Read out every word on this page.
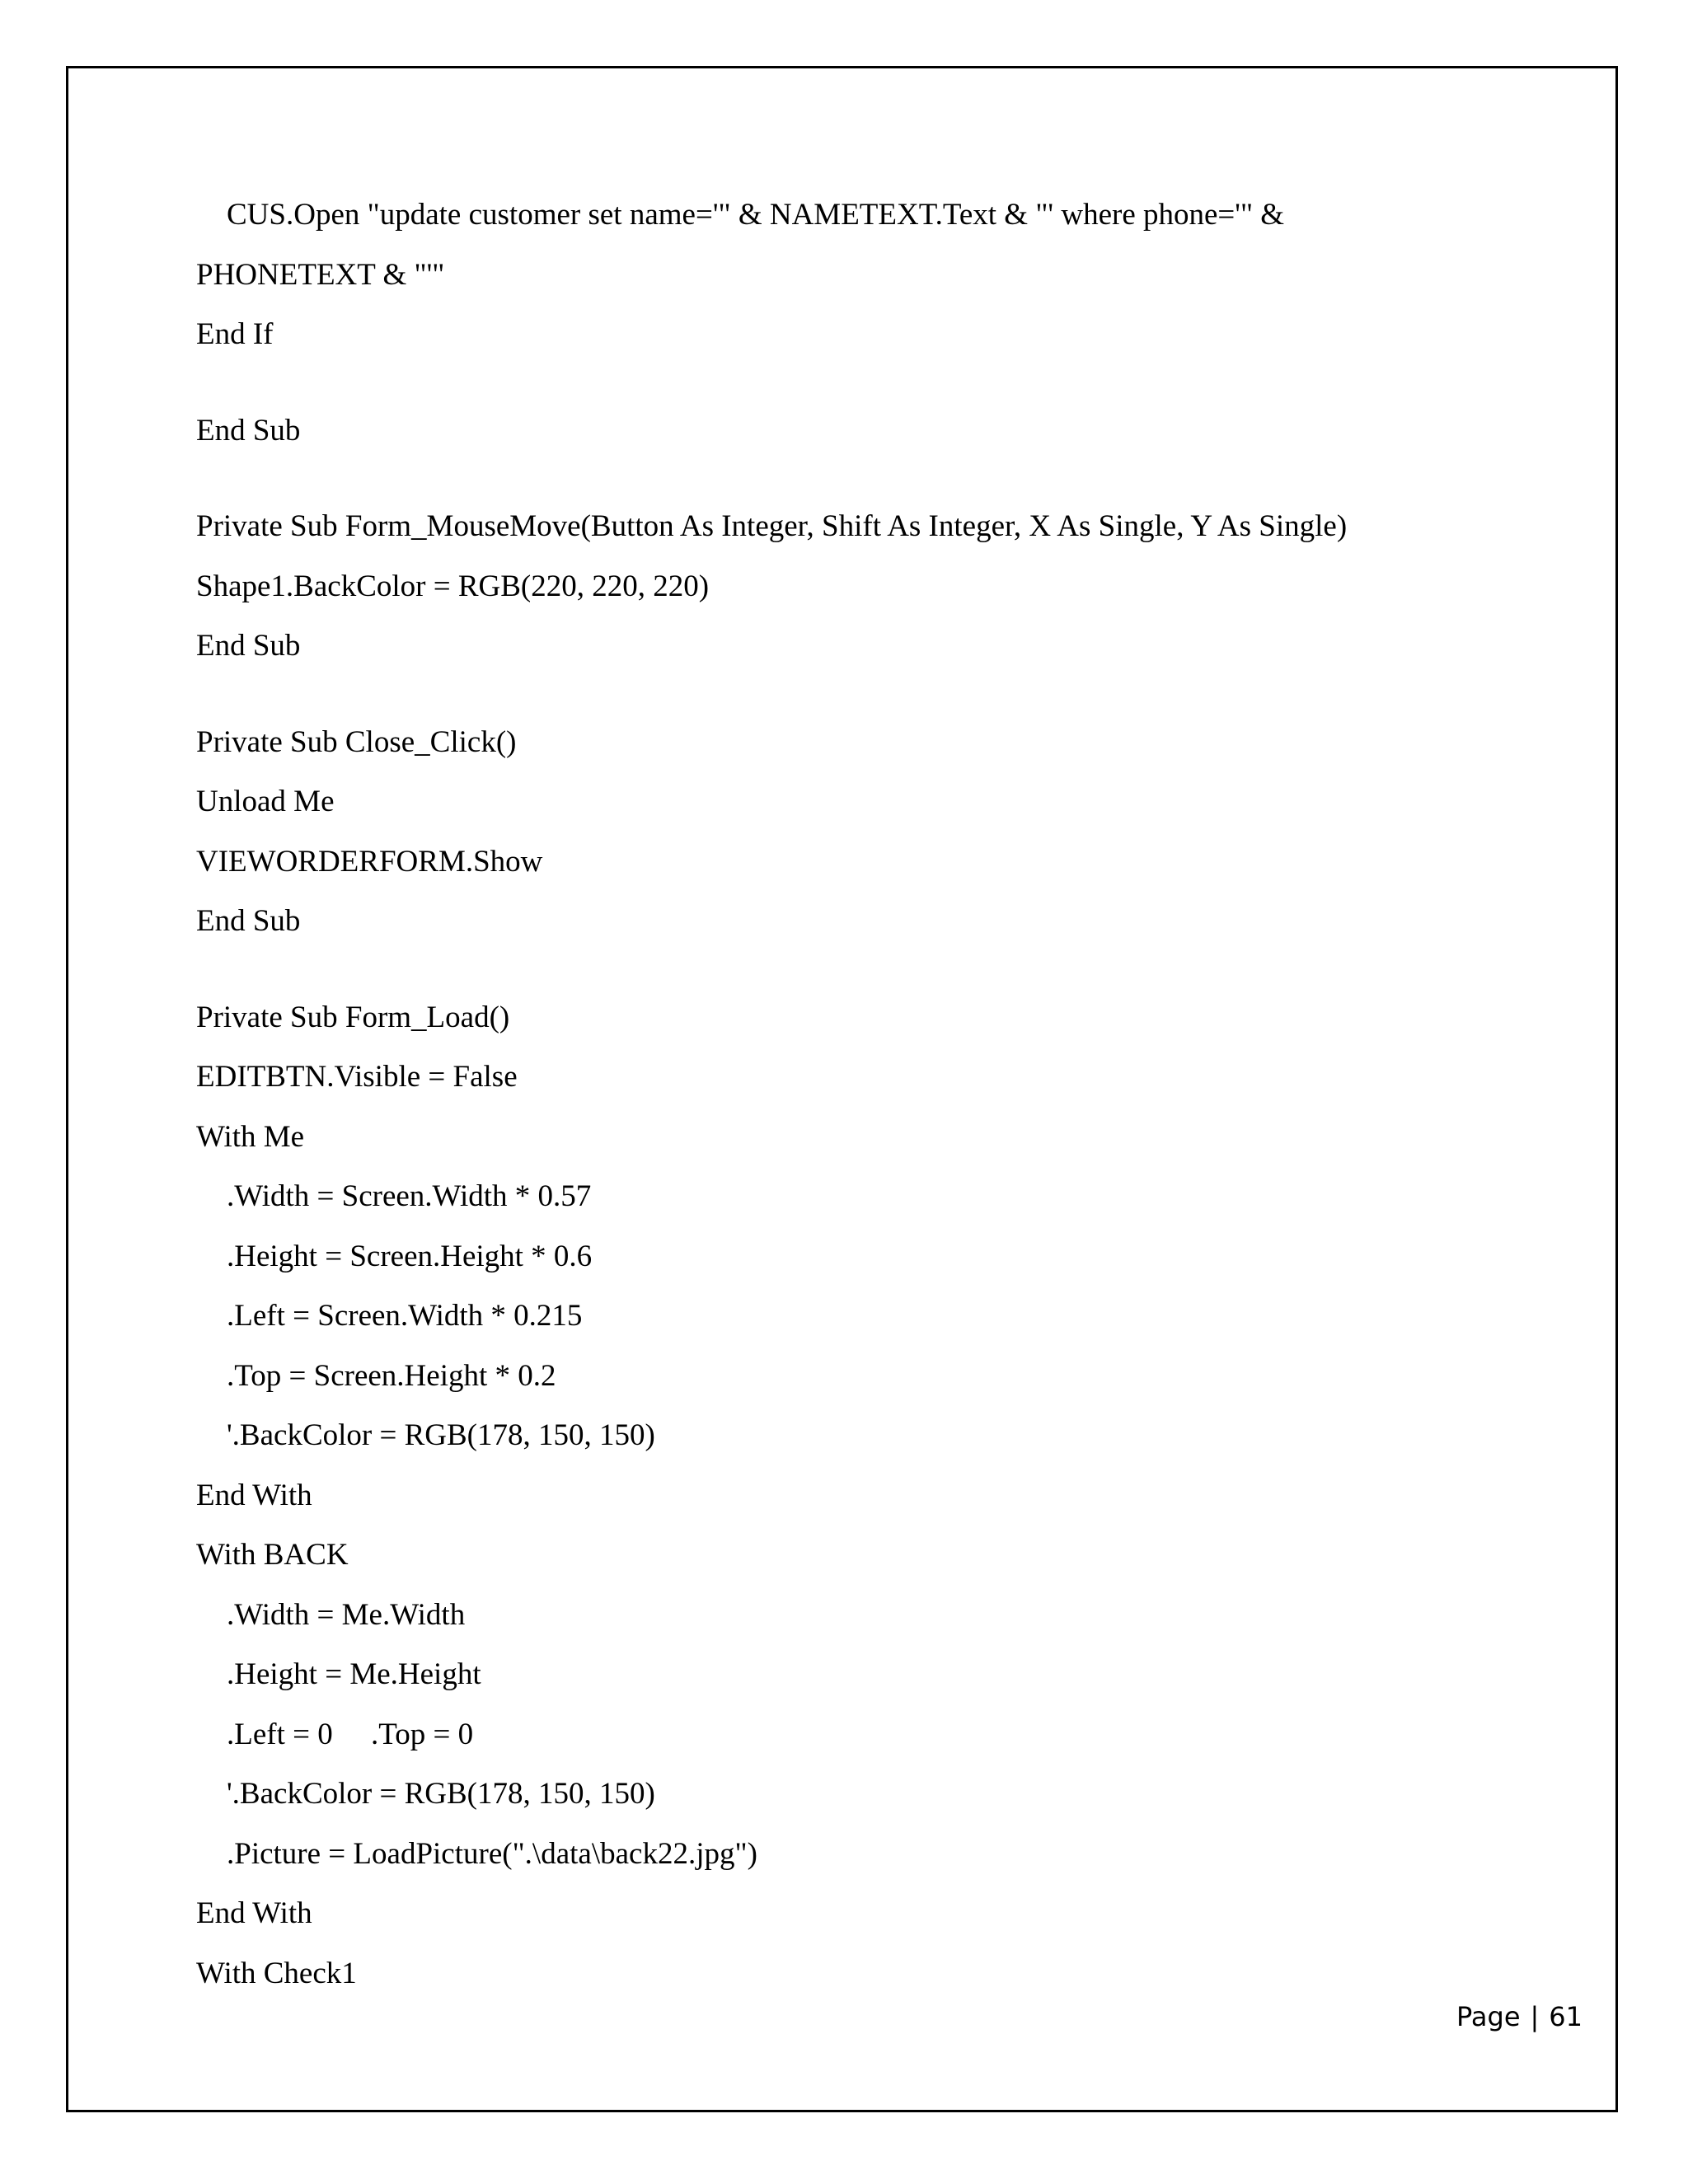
CUS.Open "update customer set name='" & NAMETEXT.Text & "' where phone='" &
PHONETEXT & "'"
End If
End Sub
Private Sub Form_MouseMove(Button As Integer, Shift As Integer, X As Single, Y As Single)
Shape1.BackColor = RGB(220, 220, 220)
End Sub
Private Sub Close_Click()
Unload Me
VIEWORDERFORM.Show
End Sub
Private Sub Form_Load()
EDITBTN.Visible = False
With Me
.Width = Screen.Width * 0.57
.Height = Screen.Height * 0.6
.Left = Screen.Width * 0.215
.Top = Screen.Height * 0.2
'.BackColor = RGB(178, 150, 150)
End With
With BACK
.Width = Me.Width
.Height = Me.Height
.Left = 0     .Top = 0
'.BackColor = RGB(178, 150, 150)
.Picture = LoadPicture(".\data\back22.jpg")
End With
With Check1
Page | 61
